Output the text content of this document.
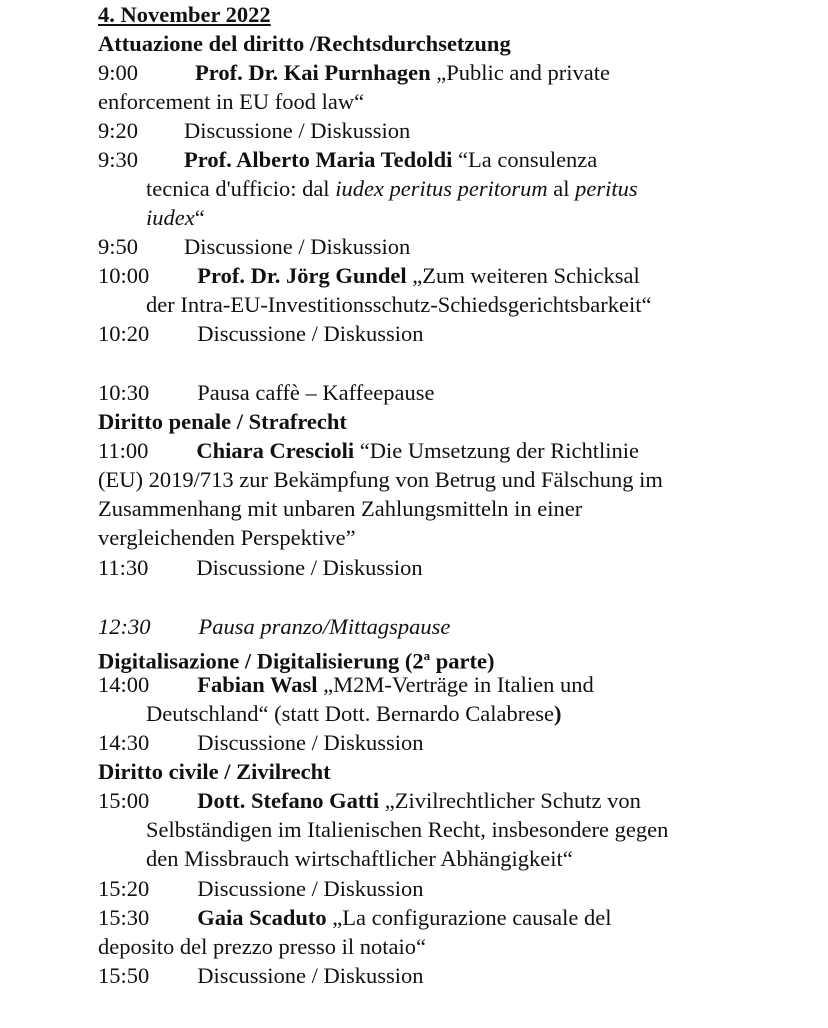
4. November 2022
Attuazione del diritto /Rechtsdurchsetzung
9:00	Prof. Dr. Kai Purnhagen „Public and private
enforcement in EU food law“
9:20 Discussione / Diskussion
9:30 Prof. Alberto Maria Tedoldi “La consulenza
tecnica d'ufficio: dal iudex peritus peritorum al peritus
iudex“
9:50 Discussione / Diskussion
10:00 Prof. Dr. Jörg Gundel „Zum weiteren Schicksal
der Intra-EU-Investitionsschutz-Schiedsgerichtsbarkeit“
10:20 Discussione / Diskussion
10:30 Pausa caffè – Kaffeepause
Diritto penale / Strafrecht
11:00 Chiara Crescioli “Die Umsetzung der Richtlinie
(EU) 2019/713 zur Bekämpfung von Betrug und Fälschung im
Zusammenhang mit unbaren Zahlungsmitteln in einer
vergleichenden Perspektive”
11:30 Discussione / Diskussion
12:30 Pausa pranzo/Mittagspause
Digitalisazione / Digitalisierung (2$^a$ parte)
14:00 Fabian Wasl „M2M-Verträge in Italien und
Deutschland“ (statt Dott. Bernardo Calabrese)
14:30 Discussione / Diskussion
Diritto civile / Zivilrecht
15:00 Dott. Stefano Gatti „Zivilrechtlicher Schutz von
Selbständigen im Italienischen Recht, insbesondere gegen
den Missbrauch wirtschaftlicher Abhängigkeit“
15:20 Discussione / Diskussion
15:30 Gaia Scaduto „La configurazione causale del
deposito del prezzo presso il notaio“
15:50 Discussione / Diskussion
